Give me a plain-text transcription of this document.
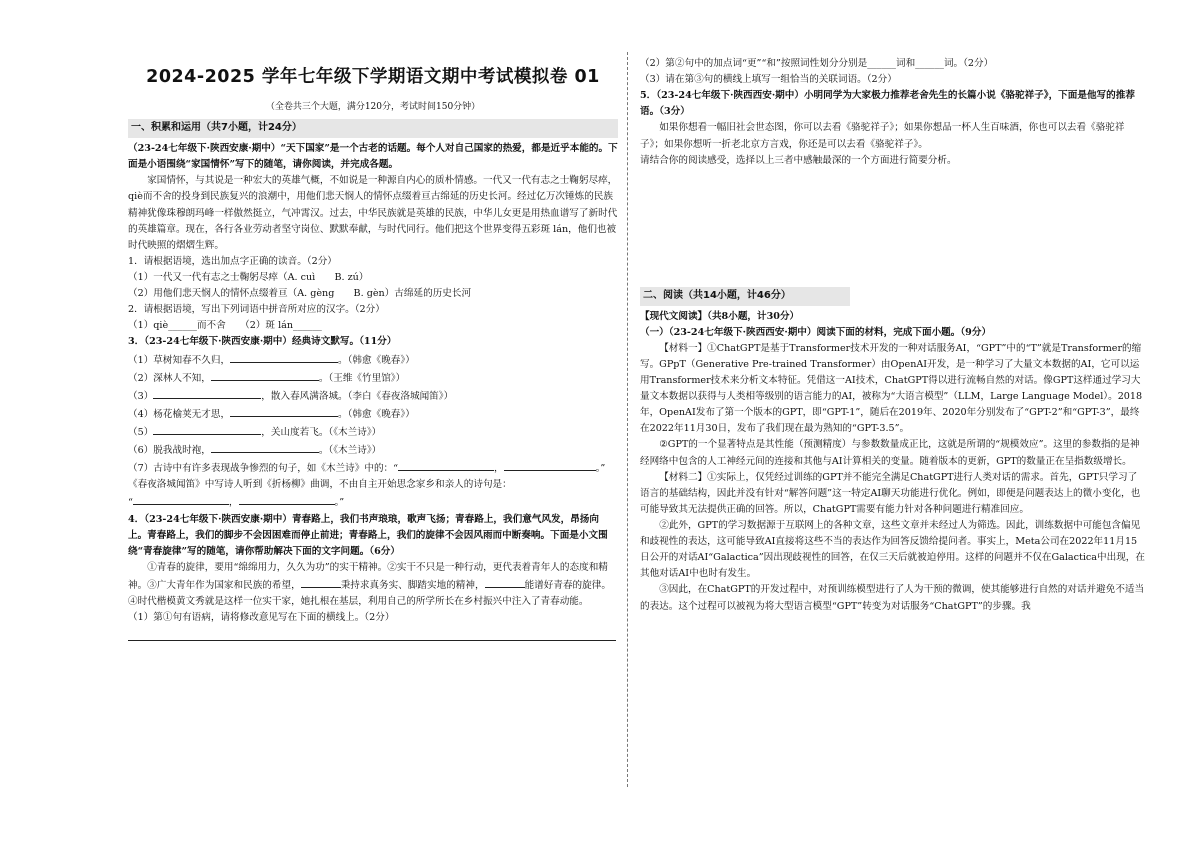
2024-2025 学年七年级下学期语文期中考试模拟卷 01
（全卷共三个大题，满分120分，考试时间150分钟）
一、积累和运用（共7小题，计24分）

（23-24七年级下·陕西安康·期中）“天下国家”是一个古老的话题。每个人对自己国家的热爱，都是近乎本能的。下面是小语围绕“家国情怀”写下的随笔，请你阅读，并完成各题。

家国情怀，与其说是一种宏大的英雄气概，不如说是一种源自内心的质朴情感。一代又一代有志之士鞠躬尽瘁，qiè而不舍的投身到民族复兴的浪潮中，用他们悲天悯人的情怀点缀着亘古绵延的历史长河。经过亿万次锤炼的民族精神犹像珠穆朗玛峰一样傲然挺立，气冲霄汉。过去，中华民族就是英雄的民族，中华儿女更是用热血谱写了新时代的英雄篇章。现在，各行各业劳动者坚守岗位、默默奉献，与时代同行。他们把这个世界变得五彩斑 lán，他们也被时代映照的熠熠生辉。

1．请根据语境，选出加点字正确的读音。（2分）

（1）一代又一代有志之士鞠躬尽瘁（A. cuì　　B. zú）

（2）用他们悲天悯人的情怀点缀着亘（A. gèng　　B. gèn）古绵延的历史长河

2．请根据语境，写出下列词语中拼音所对应的汉字。（2分）

（1）qiè______而不舍　　（2）斑 lán______

3．（23-24七年级下·陕西安康·期中）经典诗文默写。（11分）

（1）草树知春不久归，	。（韩愈《晚春》）

（2）深林人不知，	。（王维《竹里馆》）

（3）	，散入春风满洛城。（李白《春夜洛城闻笛》）

（4）杨花榆荚无才思，	。（韩愈《晚春》）

（5）	，关山度若飞。（《木兰诗》）

（6）脱我战时袍，	。（《木兰诗》）

（7）古诗中有许多表现战争惨烈的句子，如《木兰诗》中的：“	，	。”

《春夜洛城闻笛》中写诗人听到《折杨柳》曲调，不由自主开始思念家乡和亲人的诗句是：

“	，	。”

4．（23-24七年级下·陕西安康·期中）青春路上，我们书声琅琅，歌声飞扬；青春路上，我们意气风发，昂扬向上。青春路上，我们的脚步不会因困难而停止前进；青春路上，我们的旋律不会因风雨而中断奏响。下面是小文围绕“青春旋律”写的随笔，请你帮助解决下面的文字问题。（6分）

①青春的旋律，要用“绵绵用力，久久为功”的实干精神。②实干不只是一种行动，更代表着青年人的态度和精神。③广大青年作为国家和民族的希望，	秉持求真务实、脚踏实地的精神，	能谱好青春的旋律。④时代楷模黄文秀就是这样一位实干家，她扎根在基层，利用自己的所学所长在乡村振兴中注入了青春动能。

（1）第①句有语病，请将修改意见写在下面的横线上。（2分）

（2）第②句中的加点词“更”“和”按照词性划分分别是______词和______词。（2分）

（3）请在第③句的横线上填写一组恰当的关联词语。（2分）

5．（23-24七年级下·陕西西安·期中）小明同学为大家极力推荐老舍先生的长篇小说《骆驼祥子》，下面是他写的推荐语。（3分）

如果你想看一幅旧社会世态图，你可以去看《骆驼祥子》；如果你想品一杯人生百味酒，你也可以去看《骆驼祥子》；如果你想听一折老北京方言戏，你还是可以去看《骆驼祥子》。

请结合你的阅读感受，选择以上三者中感触最深的一个方面进行简要分析。

二、阅读（共14小题，计46分）

【现代文阅读】（共8小题，计30分）

（一）（23-24七年级下·陕西西安·期中）阅读下面的材料，完成下面小题。（9分）

【材料一】①ChatGPT是基于Transformer技术开发的一种对话服务AI，“GPT”中的“T”就是Transformer的缩写。GPpT（Generative Pre-trained Transformer）由OpenAI开发，是一种学习了大量文本数据的AI，它可以运用Transformer技术来分析文本特征。凭借这一AI技术，ChatGPT得以进行流畅自然的对话。像GPT这样通过学习大量文本数据以获得与人类相等级别的语言能力的AI，被称为“大语言模型”（LLM，Large Language Model）。2018年，OpenAI发布了第一个版本的GPT，即“GPT-1”，随后在2019年、2020年分别发布了“GPT-2”和“GPT-3”，最终在2022年11月30日，发布了我们现在最为熟知的“GPT-3.5”。

②GPT的一个显著特点是其性能（预测精度）与参数数量成正比，这就是所谓的“规模效应”。这里的参数指的是神经网络中包含的人工神经元间的连接和其他与AI计算相关的变量。随着版本的更新，GPT的数量正在呈指数级增长。

【材料二】①实际上，仅凭经过训练的GPT并不能完全满足ChatGPT进行人类对话的需求。首先，GPT只学习了语言的基础结构，因此并没有针对“解答问题”这一特定AI聊天功能进行优化。例如，即便是问题表达上的微小变化，也可能导致其无法提供正确的回答。所以，ChatGPT需要有能力针对各种问题进行精准回应。

②此外，GPT的学习数据源于互联网上的各种文章，这些文章并未经过人为筛选。因此，训练数据中可能包含偏见和歧视性的表达，这可能导致AI直接将这些不当的表达作为回答反馈给提问者。事实上，Meta公司在2022年11月15日公开的对话AI“Galactica”因出现歧视性的回答，在仅三天后就被迫停用。这样的问题并不仅在Galactica中出现，在其他对话AI中也时有发生。

③因此，在ChatGPT的开发过程中，对预训练模型进行了人为干预的微调，使其能够进行自然的对话并避免不适当的表达。这个过程可以被视为将大型语言模型“GPT”转变为对话服务“ChatGPT”的步骤。我
